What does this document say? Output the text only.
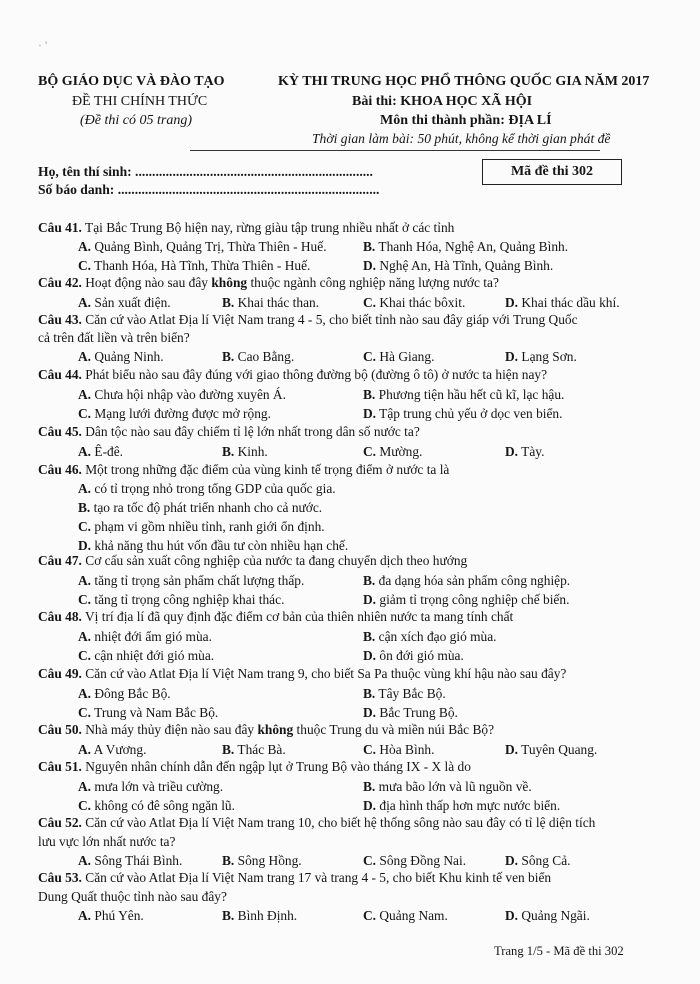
· '
BỘ GIÁO DỤC VÀ ĐÀO TẠO
ĐỀ THI CHÍNH THỨC
(Đề thi có 05 trang)
KỲ THI TRUNG HỌC PHỔ THÔNG QUỐC GIA NĂM 2017
Bài thi: KHOA HỌC XÃ HỘI
Môn thi thành phần: ĐỊA LÍ
Thời gian làm bài: 50 phút, không kể thời gian phát đề
Họ, tên thí sinh: ......................................................................
Số báo danh: .............................................................................
Mã đề thi 302
Câu 41. Tại Bắc Trung Bộ hiện nay, rừng giàu tập trung nhiều nhất ở các tỉnh
A. Quảng Bình, Quảng Trị, Thừa Thiên - Huế.	B. Thanh Hóa, Nghệ An, Quảng Bình.
C. Thanh Hóa, Hà Tĩnh, Thừa Thiên - Huế.	D. Nghệ An, Hà Tĩnh, Quảng Bình.
Câu 42. Hoạt động nào sau đây không thuộc ngành công nghiệp năng lượng nước ta?
A. Sản xuất điện.	B. Khai thác than.	C. Khai thác bôxit.	D. Khai thác dầu khí.
Câu 43. Căn cứ vào Atlat Địa lí Việt Nam trang 4 - 5, cho biết tỉnh nào sau đây giáp với Trung Quốc
cả trên đất liền và trên biển?
A. Quảng Ninh.	B. Cao Bằng.	C. Hà Giang.	D. Lạng Sơn.
Câu 44. Phát biểu nào sau đây đúng với giao thông đường bộ (đường ô tô) ở nước ta hiện nay?
A. Chưa hội nhập vào đường xuyên Á.	B. Phương tiện hầu hết cũ kĩ, lạc hậu.
C. Mạng lưới đường được mở rộng.	D. Tập trung chủ yếu ở dọc ven biển.
Câu 45. Dân tộc nào sau đây chiếm tỉ lệ lớn nhất trong dân số nước ta?
A. Ê-đê.	B. Kinh.	C. Mường.	D. Tày.
Câu 46. Một trong những đặc điểm của vùng kinh tế trọng điểm ở nước ta là
A. có tỉ trọng nhỏ trong tổng GDP của quốc gia.
B. tạo ra tốc độ phát triển nhanh cho cả nước.
C. phạm vi gồm nhiều tỉnh, ranh giới ổn định.
D. khả năng thu hút vốn đầu tư còn nhiều hạn chế.
Câu 47. Cơ cấu sản xuất công nghiệp của nước ta đang chuyển dịch theo hướng
A. tăng tỉ trọng sản phẩm chất lượng thấp.	B. đa dạng hóa sản phẩm công nghiệp.
C. tăng tỉ trọng công nghiệp khai thác.	D. giảm tỉ trọng công nghiệp chế biến.
Câu 48. Vị trí địa lí đã quy định đặc điểm cơ bản của thiên nhiên nước ta mang tính chất
A. nhiệt đới ẩm gió mùa.	B. cận xích đạo gió mùa.
C. cận nhiệt đới gió mùa.	D. ôn đới gió mùa.
Câu 49. Căn cứ vào Atlat Địa lí Việt Nam trang 9, cho biết Sa Pa thuộc vùng khí hậu nào sau đây?
A. Đông Bắc Bộ.	B. Tây Bắc Bộ.
C. Trung và Nam Bắc Bộ.	D. Bắc Trung Bộ.
Câu 50. Nhà máy thủy điện nào sau đây không thuộc Trung du và miền núi Bắc Bộ?
A. A Vương.	B. Thác Bà.	C. Hòa Bình.	D. Tuyên Quang.
Câu 51. Nguyên nhân chính dẫn đến ngập lụt ở Trung Bộ vào tháng IX - X là do
A. mưa lớn và triều cường.	B. mưa bão lớn và lũ nguồn về.
C. không có đê sông ngăn lũ.	D. địa hình thấp hơn mực nước biển.
Câu 52. Căn cứ vào Atlat Địa lí Việt Nam trang 10, cho biết hệ thống sông nào sau đây có tỉ lệ diện tích
lưu vực lớn nhất nước ta?
A. Sông Thái Bình.	B. Sông Hồng.	C. Sông Đồng Nai.	D. Sông Cả.
Câu 53. Căn cứ vào Atlat Địa lí Việt Nam trang 17 và trang 4 - 5, cho biết Khu kinh tế ven biển
Dung Quất thuộc tỉnh nào sau đây?
A. Phú Yên.	B. Bình Định.	C. Quảng Nam.	D. Quảng Ngãi.
Trang 1/5 - Mã đề thi 302
